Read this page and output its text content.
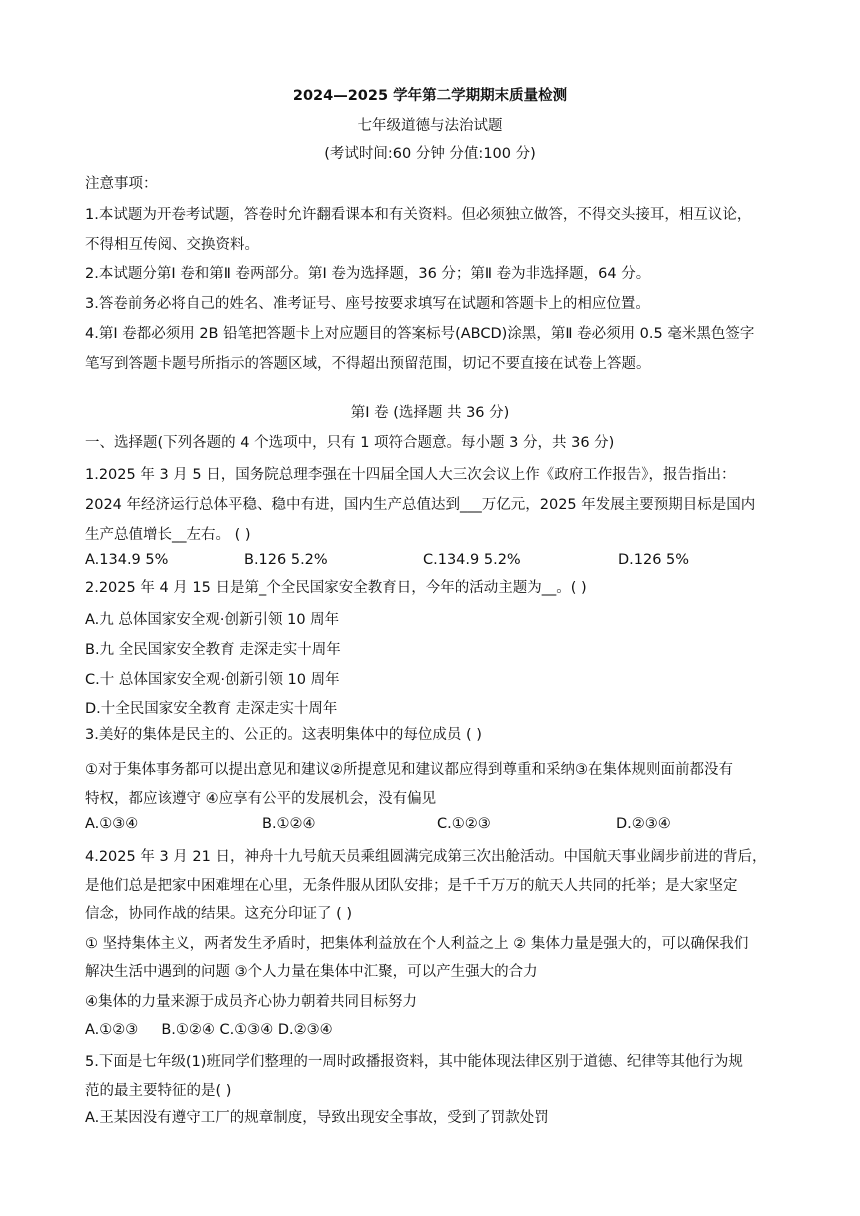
2024—2025 学年第二学期期末质量检测
七年级道德与法治试题
(考试时间:60 分钟 分值:100 分)
注意事项：
1.本试题为开卷考试题，答卷时允许翻看课本和有关资料。但必须独立做答，不得交头接耳，相互议论，
不得相互传阅、交换资料。
2.本试题分第Ⅰ 卷和第Ⅱ 卷两部分。第Ⅰ 卷为选择题，36 分；第Ⅱ 卷为非选择题，64 分。
3.答卷前务必将自己的姓名、准考证号、座号按要求填写在试题和答题卡上的相应位置。
4.第Ⅰ 卷都必须用 2B 铅笔把答题卡上对应题目的答案标号(ABCD)涂黑，第Ⅱ 卷必须用 0.5 毫米黑色签字
笔写到答题卡题号所指示的答题区域，不得超出预留范围，切记不要直接在试卷上答题。
第Ⅰ 卷 (选择题 共 36 分)
一、选择题(下列各题的 4 个选项中，只有 1 项符合题意。每小题 3 分，共 36 分)
1.2025 年 3 月 5 日，国务院总理李强在十四届全国人大三次会议上作《政府工作报告》，报告指出：
2024 年经济运行总体平稳、稳中有进，国内生产总值达到___万亿元，2025 年发展主要预期目标是国内
生产总值增长__左右。 ( )
A.134.9 5%	B.126 5.2%	C.134.9 5.2%	D.126 5%
2.2025 年 4 月 15 日是第_个全民国家安全教育日，今年的活动主题为__。( )
A.九 总体国家安全观·创新引领 10 周年
B.九 全民国家安全教育 走深走实十周年
C.十 总体国家安全观·创新引领 10 周年
D.十全民国家安全教育 走深走实十周年
3.美好的集体是民主的、公正的。这表明集体中的每位成员 ( )
①对于集体事务都可以提出意见和建议②所提意见和建议都应得到尊重和采纳③在集体规则面前都没有
特权，都应该遵守 ④应享有公平的发展机会，没有偏见
A.①③④	B.①②④	C.①②③	D.②③④
4.2025 年 3 月 21 日，神舟十九号航天员乘组圆满完成第三次出舱活动。中国航天事业阔步前进的背后，
是他们总是把家中困难埋在心里，无条件服从团队安排；是千千万万的航天人共同的托举；是大家坚定
信念，协同作战的结果。这充分印证了 ( )
① 坚持集体主义，两者发生矛盾时，把集体利益放在个人利益之上 ② 集体力量是强大的，可以确保我们
解决生活中遇到的问题 ③个人力量在集体中汇聚，可以产生强大的合力
④集体的力量来源于成员齐心协力朝着共同目标努力
A.①②③     B.①②④ C.①③④ D.②③④
5.下面是七年级(1)班同学们整理的一周时政播报资料，其中能体现法律区别于道德、纪律等其他行为规
范的最主要特征的是( )
A.王某因没有遵守工厂的规章制度，导致出现安全事故，受到了罚款处罚
